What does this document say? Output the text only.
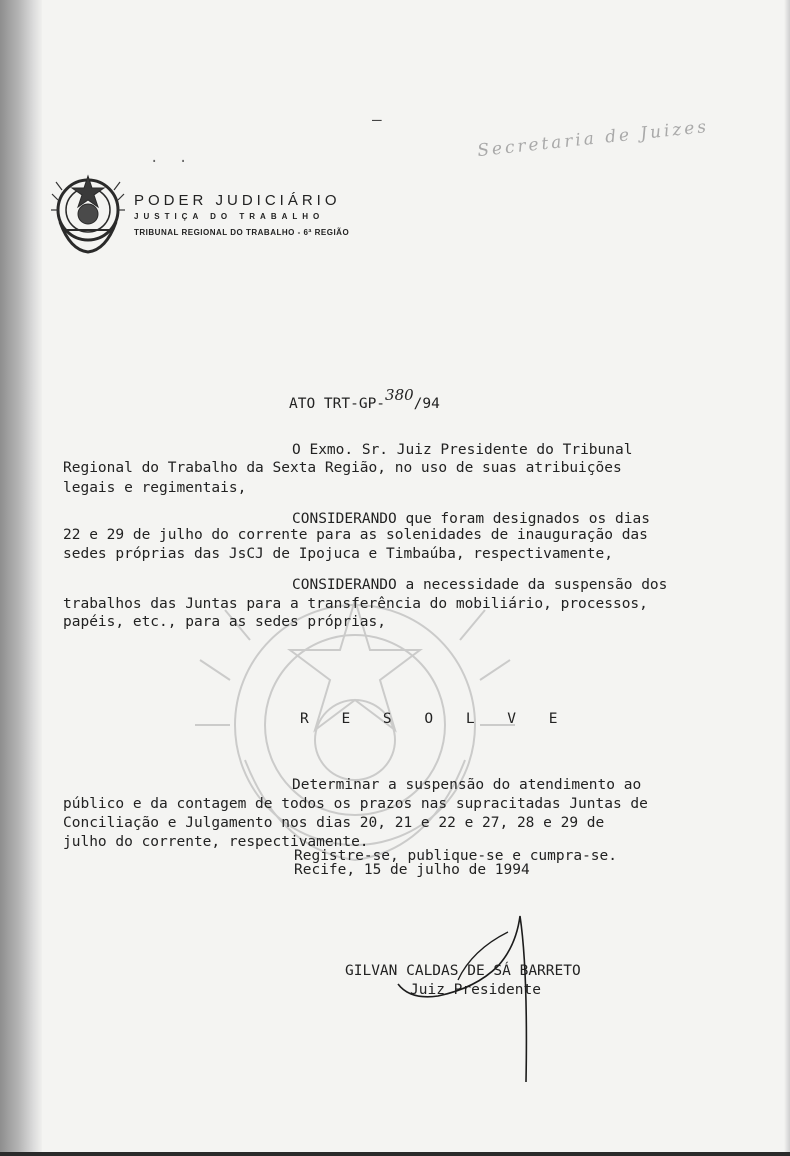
–
. .	Secretaria de Juizes
PODER JUDICIÁRIO
JUSTIÇA DO TRABALHO
TRIBUNAL REGIONAL DO TRABALHO - 6ª REGIÃO
ATO TRT-GP-380/94
O Exmo. Sr. Juiz Presidente do Tribunal
Regional do Trabalho da Sexta Região, no uso de suas atribuições
legais e regimentais,
CONSIDERANDO que foram designados os dias
22 e 29 de julho do corrente para as solenidades de inauguração das
sedes próprias das JsCJ de Ipojuca e Timbaúba, respectivamente,
CONSIDERANDO a necessidade da suspensão dos
trabalhos das Juntas para a transferência do mobiliário, processos,
papéis, etc., para as sedes próprias,
R E S O L V E
Determinar a suspensão do atendimento ao
público e da contagem de todos os prazos nas supracitadas Juntas de
Conciliação e Julgamento nos dias 20, 21 e 22 e 27, 28 e 29 de
julho do corrente, respectivamente.
Registre-se, publique-se e cumpra-se.
Recife, 15 de julho de 1994
GILVAN CALDAS DE SÁ BARRETO
Juiz Presidente
